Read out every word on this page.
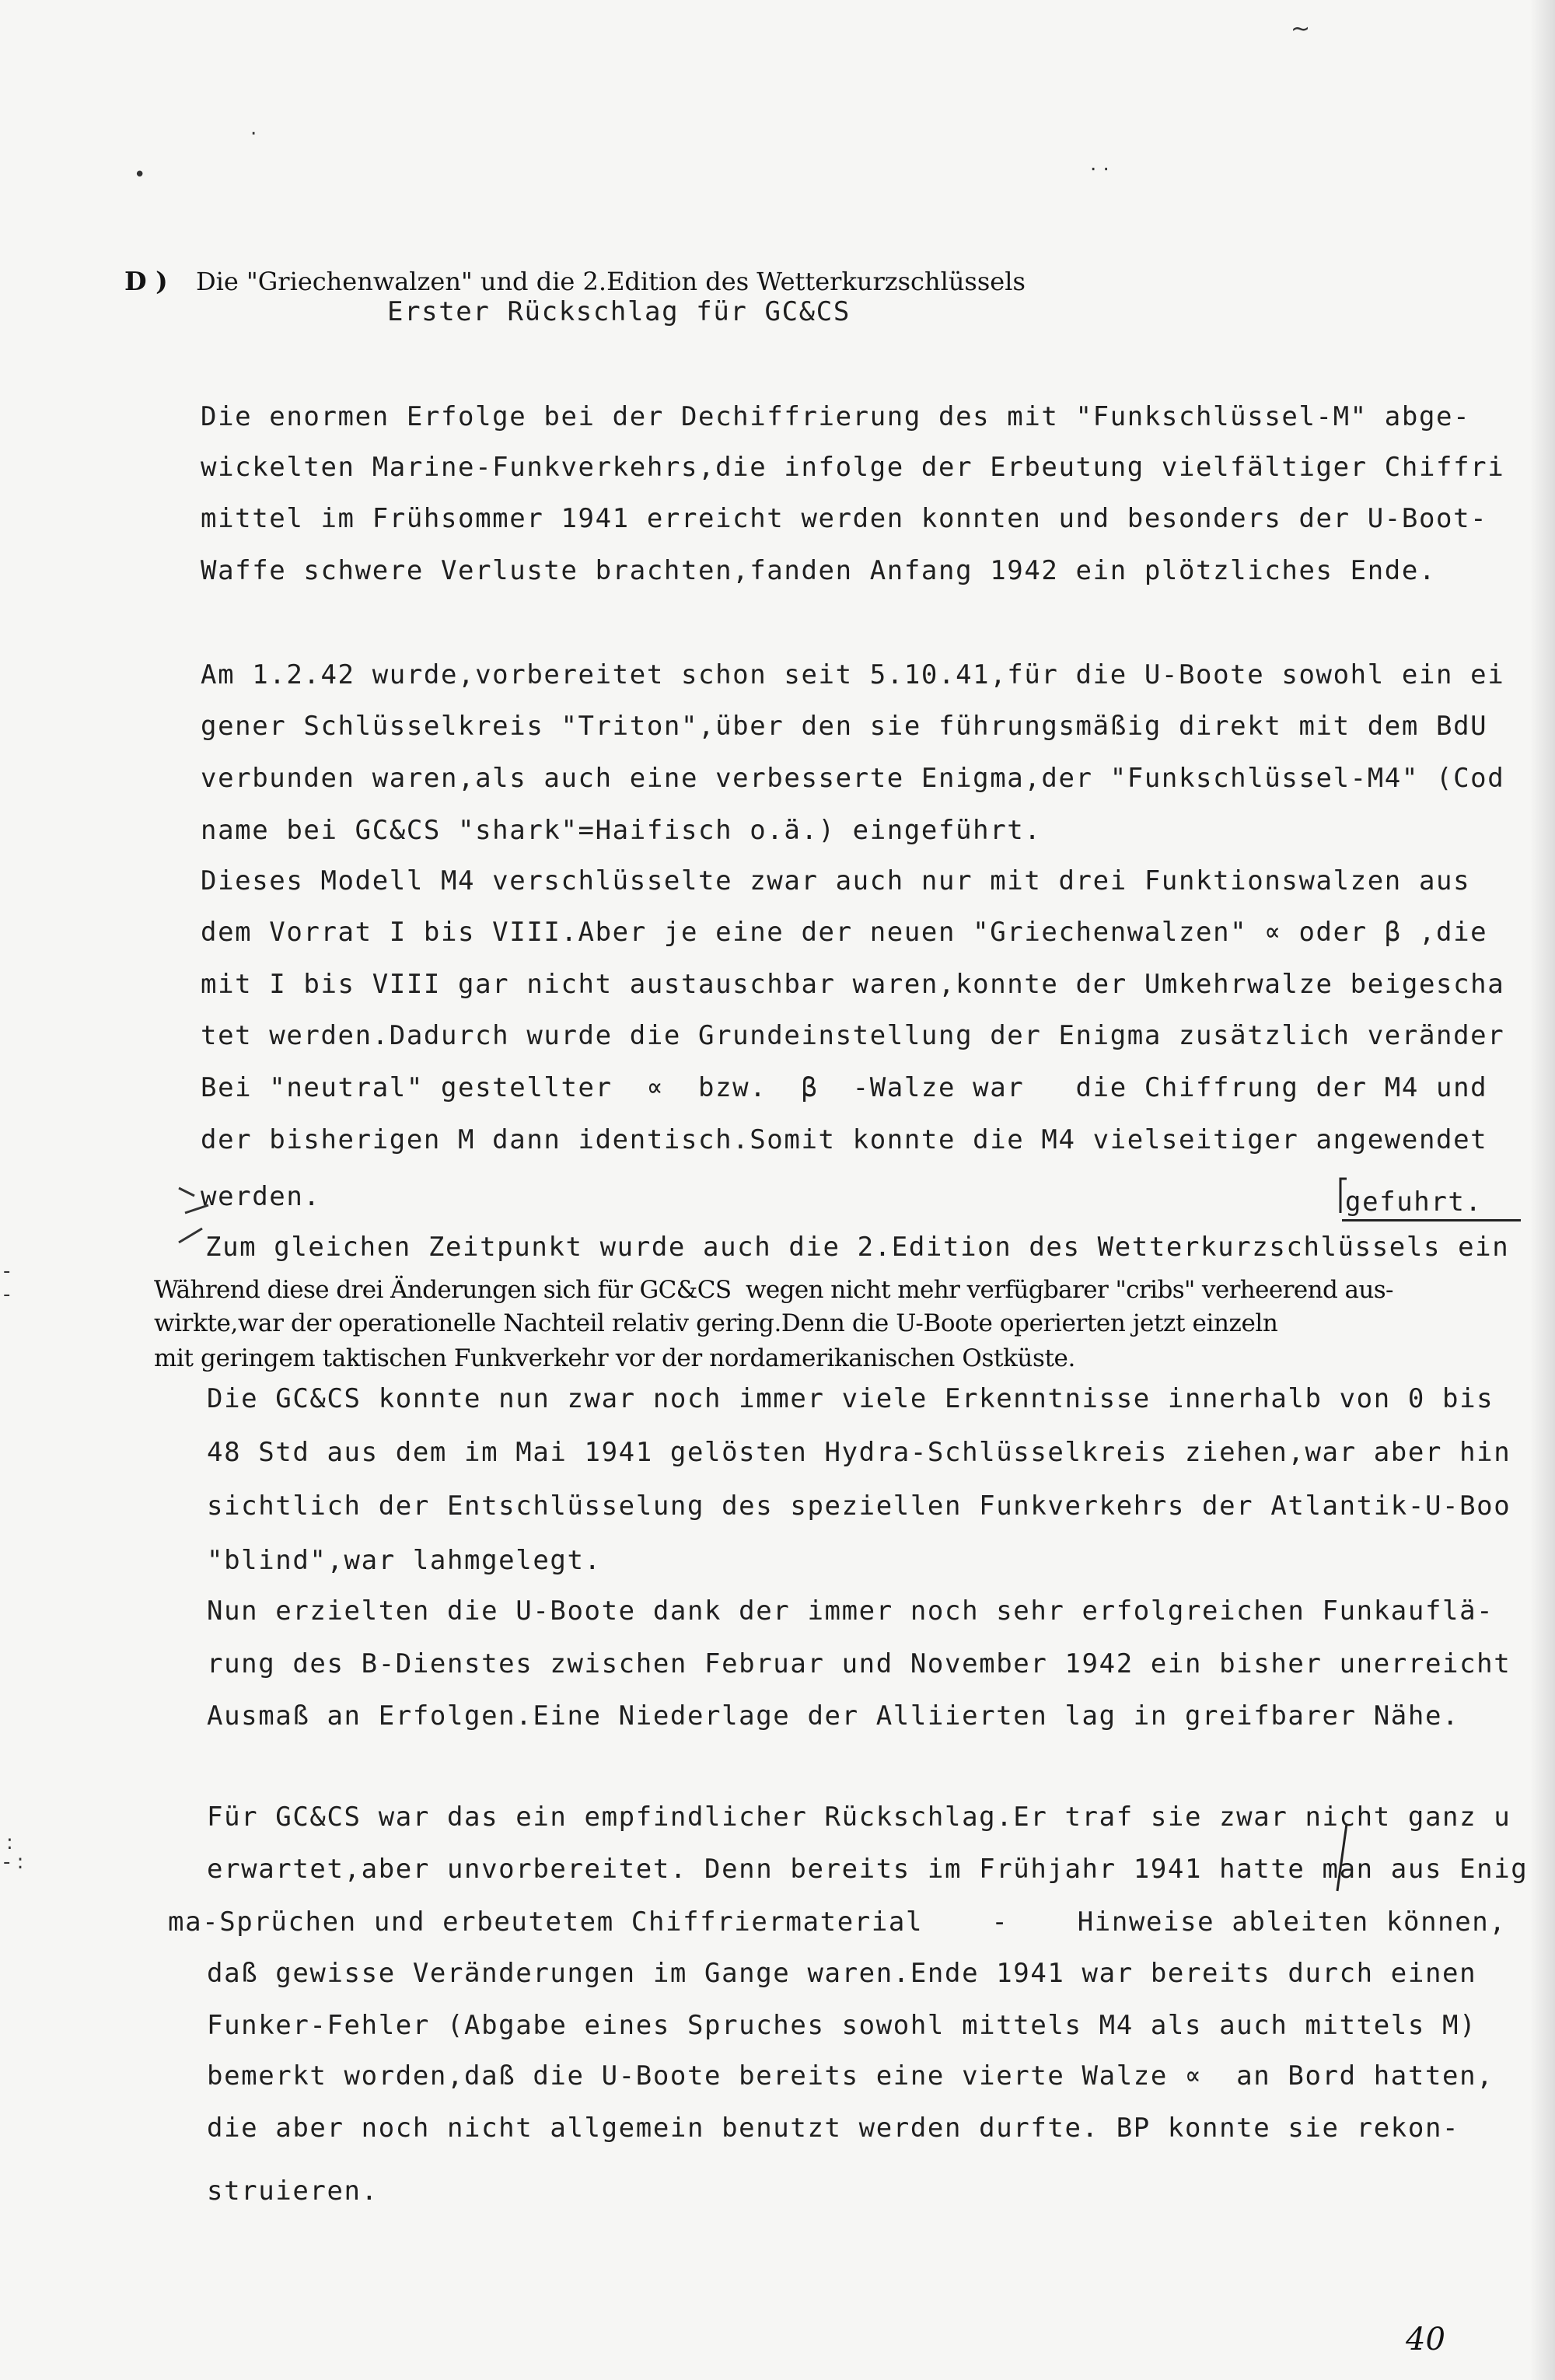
~
.
. .
•
-
-
:
- :
D ) Die "Griechenwalzen" und die 2.Edition des Wetterkurzschlüssels
Erster Rückschlag für GC&CS
Die enormen Erfolge bei der Dechiffrierung des mit "Funkschlüssel-M" abge-
wickelten Marine-Funkverkehrs,die infolge der Erbeutung vielfältiger Chiffri
mittel im Frühsommer 1941 erreicht werden konnten und besonders der U-Boot-
Waffe schwere Verluste brachten,fanden Anfang 1942 ein plötzliches Ende.
Am 1.2.42 wurde,vorbereitet schon seit 5.10.41,für die U-Boote sowohl ein ei
gener Schlüsselkreis "Triton",über den sie führungsmäßig direkt mit dem BdU
verbunden waren,als auch eine verbesserte Enigma,der "Funkschlüssel-M4" (Cod
name bei GC&CS "shark"=Haifisch o.ä.) eingeführt.
Dieses Modell M4 verschlüsselte zwar auch nur mit drei Funktionswalzen aus
dem Vorrat I bis VIII.Aber je eine der neuen "Griechenwalzen" ∝ oder β ,die
mit I bis VIII gar nicht austauschbar waren,konnte der Umkehrwalze beigescha
tet werden.Dadurch wurde die Grundeinstellung der Enigma zusätzlich veränder
Bei "neutral" gestellter  ∝  bzw.  β  -Walze war   die Chiffrung der M4 und
der bisherigen M dann identisch.Somit konnte die M4 vielseitiger angewendet
werden.	gefuhrt.
Zum gleichen Zeitpunkt wurde auch die 2.Edition des Wetterkurzschlüssels ein
Während diese drei Änderungen sich für GC&CS  wegen nicht mehr verfügbarer "cribs" verheerend aus-
wirkte,war der operationelle Nachteil relativ gering.Denn die U-Boote operierten jetzt einzeln
mit geringem taktischen Funkverkehr vor der nordamerikanischen Ostküste.
Die GC&CS konnte nun zwar noch immer viele Erkenntnisse innerhalb von 0 bis
48 Std aus dem im Mai 1941 gelösten Hydra-Schlüsselkreis ziehen,war aber hin
sichtlich der Entschlüsselung des speziellen Funkverkehrs der Atlantik-U-Boo
"blind",war lahmgelegt.
Nun erzielten die U-Boote dank der immer noch sehr erfolgreichen Funkauflä-
rung des B-Dienstes zwischen Februar und November 1942 ein bisher unerreicht
Ausmaß an Erfolgen.Eine Niederlage der Alliierten lag in greifbarer Nähe.
Für GC&CS war das ein empfindlicher Rückschlag.Er traf sie zwar nicht ganz u
erwartet,aber unvorbereitet. Denn bereits im Frühjahr 1941 hatte man aus Enig
ma-Sprüchen und erbeutetem Chiffriermaterial    -    Hinweise ableiten können,
daß gewisse Veränderungen im Gange waren.Ende 1941 war bereits durch einen
Funker-Fehler (Abgabe eines Spruches sowohl mittels M4 als auch mittels M)
bemerkt worden,daß die U-Boote bereits eine vierte Walze ∝  an Bord hatten,
die aber noch nicht allgemein benutzt werden durfte. BP konnte sie rekon-
struieren.
40
